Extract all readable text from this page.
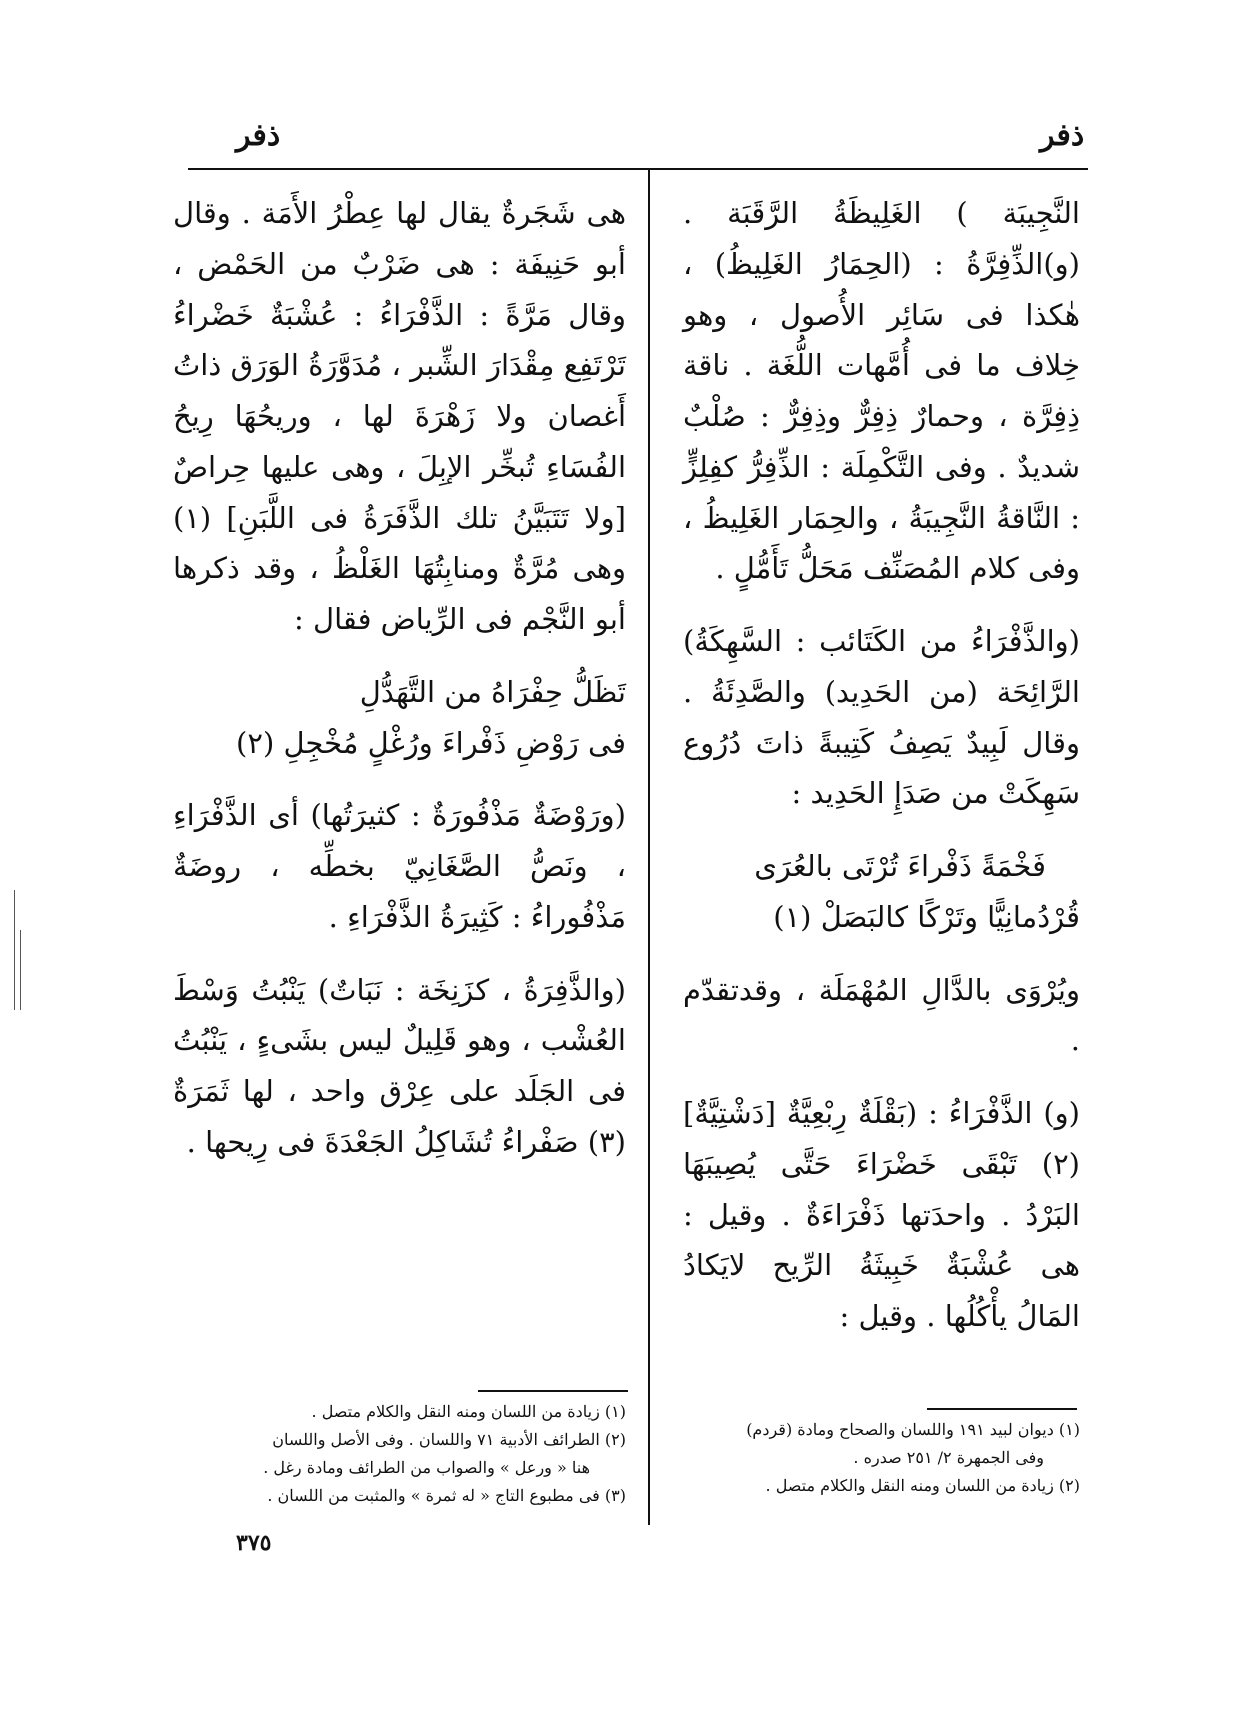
ذفر
ذفر

النَّجِيبَة ) الغَلِيظَةُ الرَّقَبَة . (و)الذِّفِرَّةُ : (الحِمَارُ الغَلِيظُ) ، هٰكذا فى سَائِر الأُصول ، وهو خِلاف ما فى أُمَّهات اللُّغَة . ناقة ذِفِرَّة ، وحمارٌ ذِفِرٌّ وذِفِرٌّ : صُلْبٌ شديدٌ . وفى التَّكْمِلَة : الذِّفِرُّ كفِلِزٍّ : النَّاقةُ النَّجِيبَةُ ، والحِمَار الغَلِيظُ ، وفى كلام المُصَنِّف مَحَلُّ تَأَمُّلٍ .

(والذَّفْرَاءُ من الكَتَائب : السَّهِكَةُ) الرَّائِحَة (من الحَدِيد) والصَّدِئَةُ . وقال لَبِيدٌ يَصِفُ كَتِيبةً ذاتَ دُرُوع سَهِكَتْ من صَدَإِ الحَدِيد :

فَخْمَةً ذَفْراءَ تُرْتَى بالعُرَى
قُرْدُمانِيًّا وتَرْكًا كالبَصَلْ (١)

ويُرْوَى بالدَّالِ المُهْمَلَة ، وقدتقدّم .

(و) الذَّفْرَاءُ : (بَقْلَةٌ رِبْعِيَّةٌ [دَشْتِيَّةٌ] (٢) تَبْقَى خَضْرَاءَ حَتَّى يُصِيبَهَا البَرْدُ . واحدَتها ذَفْرَاءَةٌ . وقيل : هى عُشْبَةٌ خَبِيثَةُ الرِّيح لايَكادُ المَالُ يأْكُلُها . وقيل :

هى شَجَرةٌ يقال لها عِطْرُ الأَمَة . وقال أبو حَنِيفَة : هى ضَرْبٌ من الحَمْض ، وقال مَرَّةً : الذَّفْرَاءُ : عُشْبَةٌ خَضْراءُ تَرْتَفِع مِقْدَارَ الشِّبر ، مُدَوَّرَةُ الوَرَق ذاتُ أَغصان ولا زَهْرَةَ لها ، وريحُهَا رِيحُ الفُسَاءِ تُبخِّر الإبِلَ ، وهى عليها حِراصٌ [ولا تَتَبَيَّنُ تلك الذَّفَرَةُ فى اللَّبَنِ] (١) وهى مُرَّةٌ ومنابِتُهَا الغَلْظُ ، وقد ذكرها أبو النَّجْم فى الرِّياض فقال :

تَظَلُّ حِفْرَاهُ من التَّهَدُّلِ
فى رَوْضِ ذَفْراءَ ورُغْلٍ مُخْجِلِ (٢)

(ورَوْضَةٌ مَذْفُورَةٌ : كثيرَتُها) أى الذَّفْرَاءِ ، ونَصُّ الصَّغَانِيّ بخطِّه ، روضَةٌ مَذْفُوراءُ : كَثِيرَةُ الذَّفْرَاءِ .

(والذَّفِرَةُ ، كزَنِخَة : نَبَاتٌ) يَنْبُتُ وَسْطَ العُشْب ، وهو قَلِيلٌ ليس بشَىءٍ ، يَنْبُتُ فى الجَلَد على عِرْق واحد ، لها ثَمَرَةٌ (٣) صَفْراءُ تُشَاكِلُ الجَعْدَةَ فى رِيحها .

(١) ديوان لبيد ١٩١ واللسان والصحاح ومادة (قردم)
وفى الجمهرة ٢/ ٢٥١ صدره .
(٢) زيادة من اللسان ومنه النقل والكلام متصل .
(١) زيادة من اللسان ومنه النقل والكلام متصل .
(٢) الطرائف الأدبية ٧١ واللسان . وفى الأصل واللسان
هنا « ورعل » والصواب من الطرائف ومادة رغل .
(٣) فى مطبوع التاج « له ثمرة » والمثبت من اللسان .
٣٧٥
